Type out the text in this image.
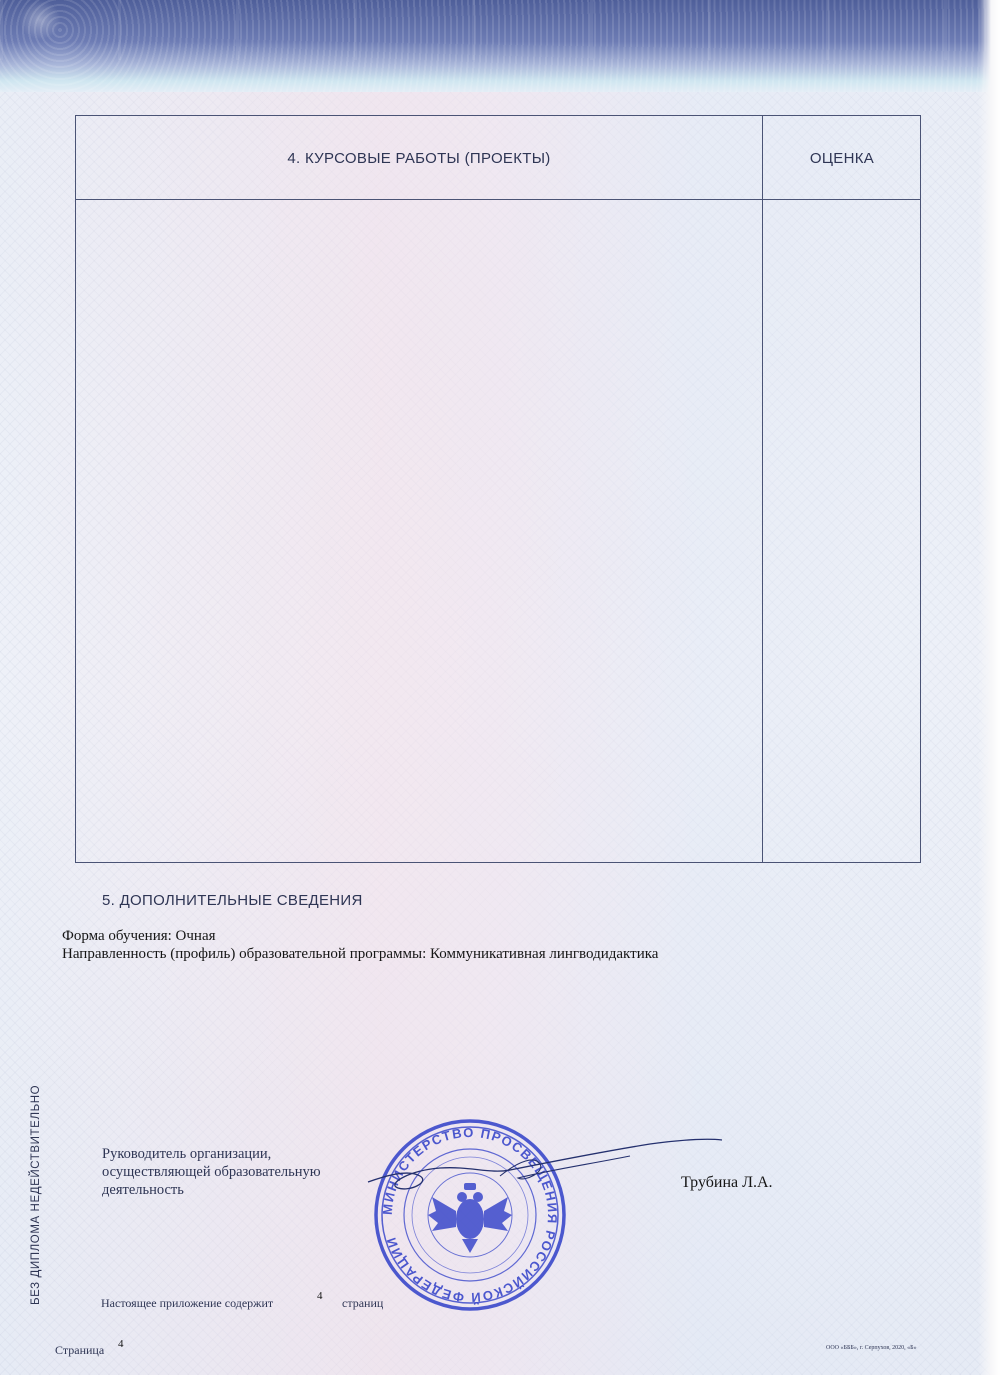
4. КУРСОВЫЕ РАБОТЫ (ПРОЕКТЫ)	ОЦЕНКА
5. ДОПОЛНИТЕЛЬНЫЕ СВЕДЕНИЯ
Форма обучения: Очная
Направленность (профиль) образовательной программы: Коммуникативная лингводидактика
БЕЗ ДИПЛОМА НЕДЕЙСТВИТЕЛЬНО	Руководитель организации,
осуществляющей образовательную
деятельность
МИНИСТЕРСТВО ПРОСВЕЩЕНИЯ РОССИЙСКОЙ ФЕДЕРАЦИИ
Трубина Л.А.
Настоящее приложение содержит	4 страниц
Страница 4	ООО «БББ», г. Серпухов, 2020, «Б»
